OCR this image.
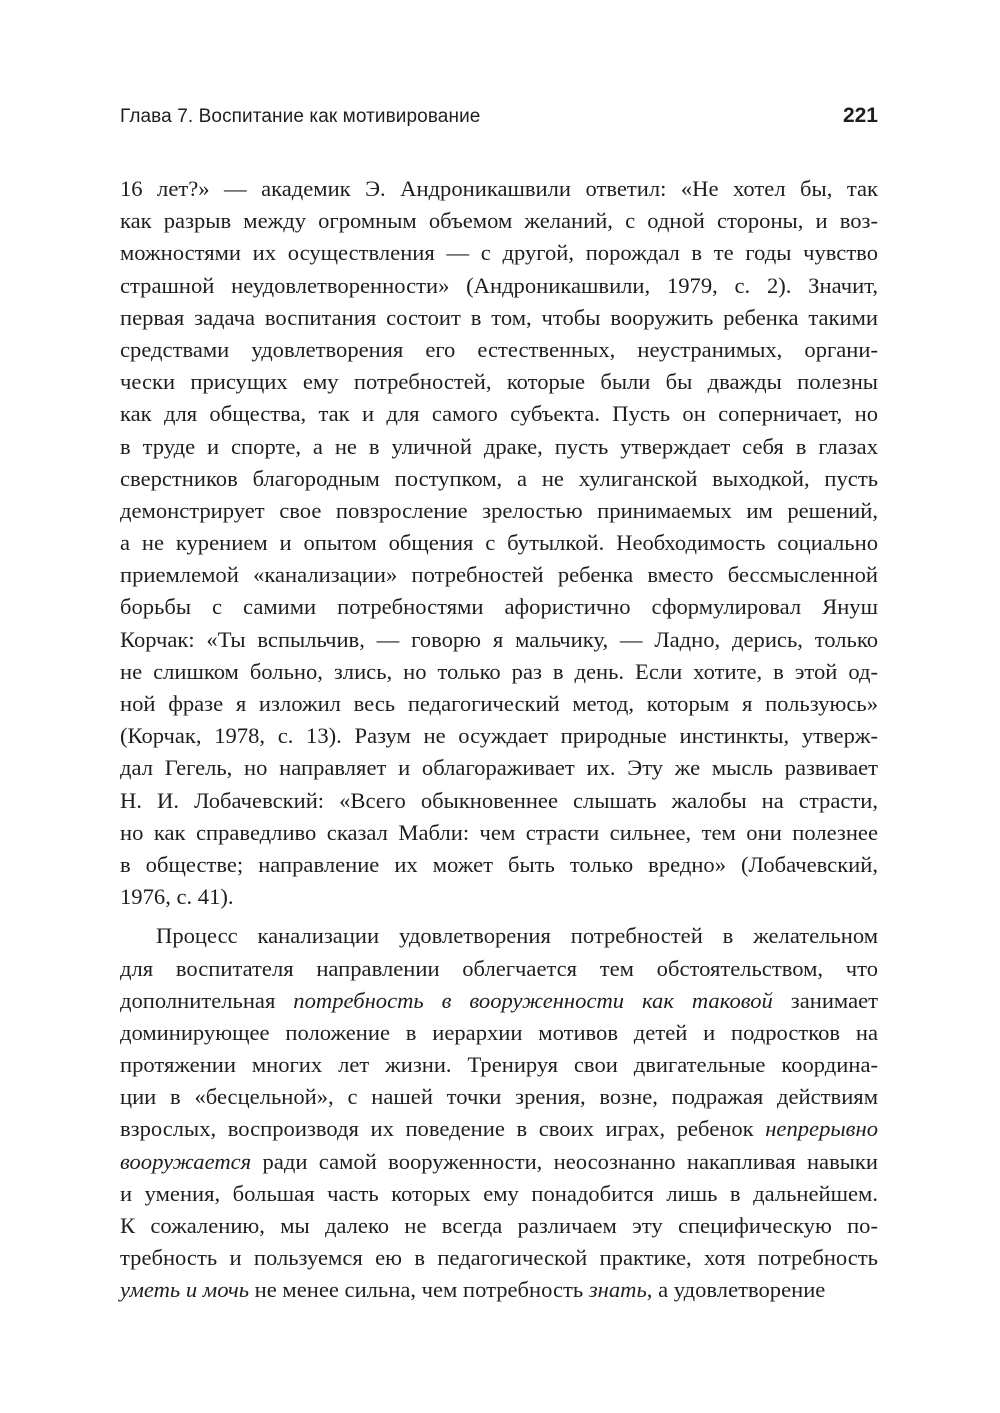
Глава 7. Воспитание как мотивирование	221
16 лет?» — академик Э. Андроникашвили ответил: «Не хотел бы, так
как разрыв между огромным объемом желаний, с одной стороны, и воз-
можностями их осуществления — с другой, порождал в те годы чувство
страшной неудовлетворенности» (Андроникашвили, 1979, с. 2). Значит,
первая задача воспитания состоит в том, чтобы вооружить ребенка такими
средствами удовлетворения его естественных, неустранимых, органи-
чески присущих ему потребностей, которые были бы дважды полезны
как для общества, так и для самого субъекта. Пусть он соперничает, но
в труде и спорте, а не в уличной драке, пусть утверждает себя в глазах
сверстников благородным поступком, а не хулиганской выходкой, пусть
демонстрирует свое повзросление зрелостью принимаемых им решений,
а не курением и опытом общения с бутылкой. Необходимость социально
приемлемой «канализации» потребностей ребенка вместо бессмысленной
борьбы с самими потребностями афористично сформулировал Януш
Корчак: «Ты вспыльчив, — говорю я мальчику, — Ладно, дерись, только
не слишком больно, злись, но только раз в день. Если хотите, в этой од-
ной фразе я изложил весь педагогический метод, которым я пользуюсь»
(Корчак, 1978, с. 13). Разум не осуждает природные инстинкты, утверж-
дал Гегель, но направляет и облагораживает их. Эту же мысль развивает
Н. И. Лобачевский: «Всего обыкновеннее слышать жалобы на страсти,
но как справедливо сказал Мабли: чем страсти сильнее, тем они полезнее
в обществе; направление их может быть только вредно» (Лобачевский,
1976, с. 41).
Процесс канализации удовлетворения потребностей в желательном
для воспитателя направлении облегчается тем обстоятельством, что
дополнительная потребность в вооруженности как таковой занимает
доминирующее положение в иерархии мотивов детей и подростков на
протяжении многих лет жизни. Тренируя свои двигательные координа-
ции в «бесцельной», с нашей точки зрения, возне, подражая действиям
взрослых, воспроизводя их поведение в своих играх, ребенок непрерывно
вооружается ради самой вооруженности, неосознанно накапливая навыки
и умения, большая часть которых ему понадобится лишь в дальнейшем.
К сожалению, мы далеко не всегда различаем эту специфическую по-
требность и пользуемся ею в педагогической практике, хотя потребность
уметь и мочь не менее сильна, чем потребность знать, а удовлетворение
